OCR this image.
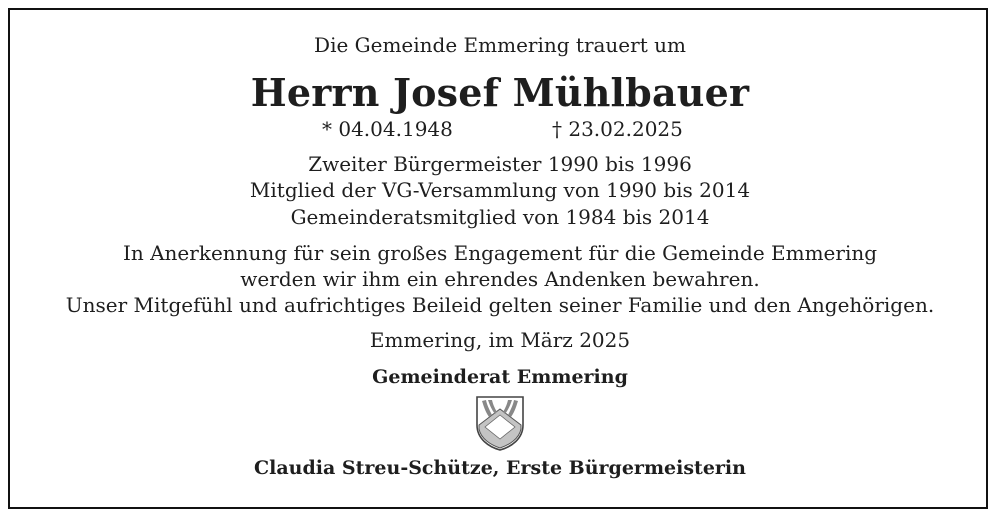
Die Gemeinde Emmering trauert um
Herrn Josef Mühlbauer
* 04.04.1948	† 23.02.2025
Zweiter Bürgermeister 1990 bis 1996
Mitglied der VG-Versammlung von 1990 bis 2014
Gemeinderatsmitglied von 1984 bis 2014
In Anerkennung für sein großes Engagement für die Gemeinde Emmering
werden wir ihm ein ehrendes Andenken bewahren.
Unser Mitgefühl und aufrichtiges Beileid gelten seiner Familie und den Angehörigen.
Emmering, im März 2025
Gemeinderat Emmering
Claudia Streu-Schütze, Erste Bürgermeisterin
